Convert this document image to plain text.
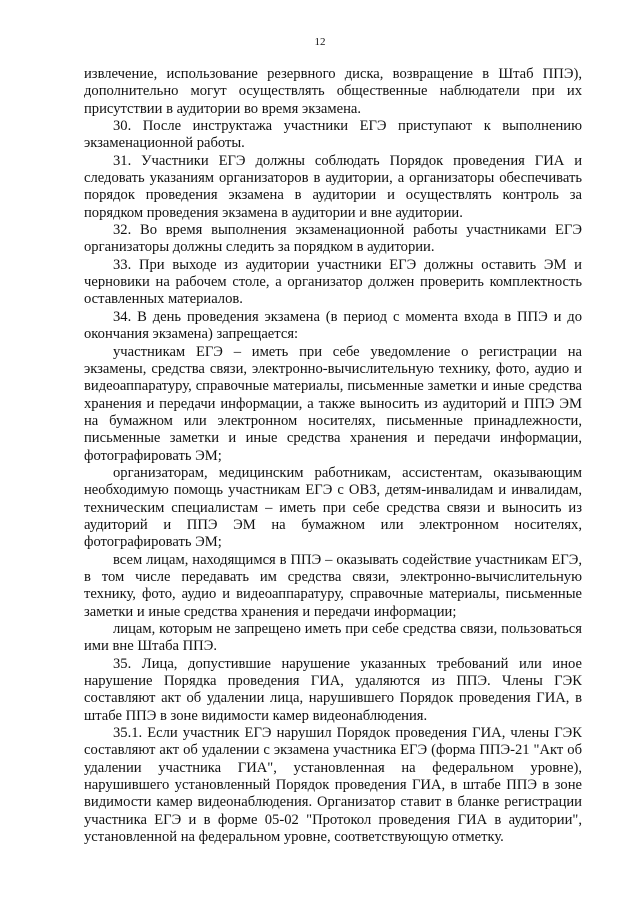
12

извлечение, использование резервного диска, возвращение в Штаб ППЭ), дополнительно могут осуществлять общественные наблюдатели при их присутствии в аудитории во время экзамена.

30. После инструктажа участники ЕГЭ приступают к выполнению экзаменационной работы.

31. Участники ЕГЭ должны соблюдать Порядок проведения ГИА и следовать указаниям организаторов в аудитории, а организаторы обеспечивать порядок проведения экзамена в аудитории и осуществлять контроль за порядком проведения экзамена в аудитории и вне аудитории.

32. Во время выполнения экзаменационной работы участниками ЕГЭ организаторы должны следить за порядком в аудитории.

33. При выходе из аудитории участники ЕГЭ должны оставить ЭМ и черновики на рабочем столе, а организатор должен проверить комплектность оставленных материалов.

34. В день проведения экзамена (в период с момента входа в ППЭ и до окончания экзамена) запрещается:

участникам ЕГЭ – иметь при себе уведомление о регистрации на экзамены, средства связи, электронно-вычислительную технику, фото, аудио и видеоаппаратуру, справочные материалы, письменные заметки и иные средства хранения и передачи информации, а также выносить из аудиторий и ППЭ ЭМ на бумажном или электронном носителях, письменные принадлежности, письменные заметки и иные средства хранения и передачи информации, фотографировать ЭМ;

организаторам, медицинским работникам, ассистентам, оказывающим необходимую помощь участникам ЕГЭ с ОВЗ, детям-инвалидам и инвалидам, техническим специалистам – иметь при себе средства связи и выносить из аудиторий и ППЭ ЭМ на бумажном или электронном носителях, фотографировать ЭМ;

всем лицам, находящимся в ППЭ – оказывать содействие участникам ЕГЭ, в том числе передавать им средства связи, электронно-вычислительную технику, фото, аудио и видеоаппаратуру, справочные материалы, письменные заметки и иные средства хранения и передачи информации;

лицам, которым не запрещено иметь при себе средства связи, пользоваться ими вне Штаба ППЭ.

35. Лица, допустившие нарушение указанных требований или иное нарушение Порядка проведения ГИА, удаляются из ППЭ. Члены ГЭК составляют акт об удалении лица, нарушившего Порядок проведения ГИА, в штабе ППЭ в зоне видимости камер видеонаблюдения.

35.1. Если участник ЕГЭ нарушил Порядок проведения ГИА, члены ГЭК составляют акт об удалении с экзамена участника ЕГЭ (форма ППЭ-21 "Акт об удалении участника ГИА", установленная на федеральном уровне), нарушившего установленный Порядок проведения ГИА, в штабе ППЭ в зоне видимости камер видеонаблюдения. Организатор ставит в бланке регистрации участника ЕГЭ и в форме 05-02 "Протокол проведения ГИА в аудитории", установленной на федеральном уровне, соответствующую отметку.
